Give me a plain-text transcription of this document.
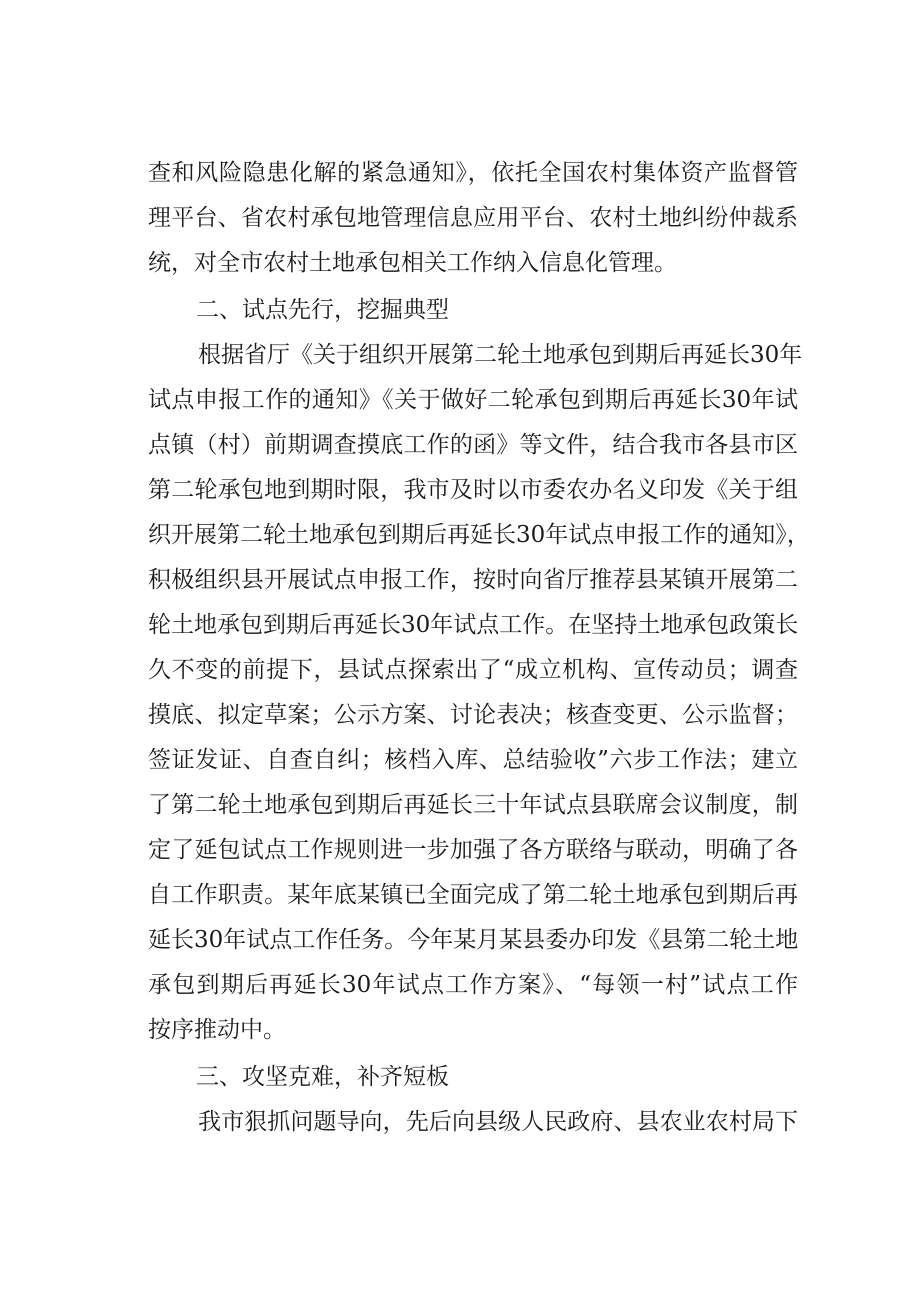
查和风险隐患化解的紧急通知》，依托全国农村集体资产监督管
理平台、省农村承包地管理信息应用平台、农村土地纠纷仲裁系
统，对全市农村土地承包相关工作纳入信息化管理。
二、试点先行，挖掘典型
根据省厅《关于组织开展第二轮土地承包到期后再延长30年
试点申报工作的通知》《关于做好二轮承包到期后再延长30年试
点镇（村）前期调查摸底工作的函》等文件，结合我市各县市区
第二轮承包地到期时限，我市及时以市委农办名义印发《关于组
织开展第二轮土地承包到期后再延长30年试点申报工作的通知》，
积极组织县开展试点申报工作，按时向省厅推荐县某镇开展第二
轮土地承包到期后再延长30年试点工作。在坚持土地承包政策长
久不变的前提下，县试点探索出了“成立机构、宣传动员；调查
摸底、拟定草案；公示方案、讨论表决；核查变更、公示监督；
签证发证、自查自纠；核档入库、总结验收”六步工作法；建立
了第二轮土地承包到期后再延长三十年试点县联席会议制度，制
定了延包试点工作规则进一步加强了各方联络与联动，明确了各
自工作职责。某年底某镇已全面完成了第二轮土地承包到期后再
延长30年试点工作任务。今年某月某县委办印发《县第二轮土地
承包到期后再延长30年试点工作方案》、“每领一村”试点工作
按序推动中。
三、攻坚克难，补齐短板
我市狠抓问题导向，先后向县级人民政府、县农业农村局下
